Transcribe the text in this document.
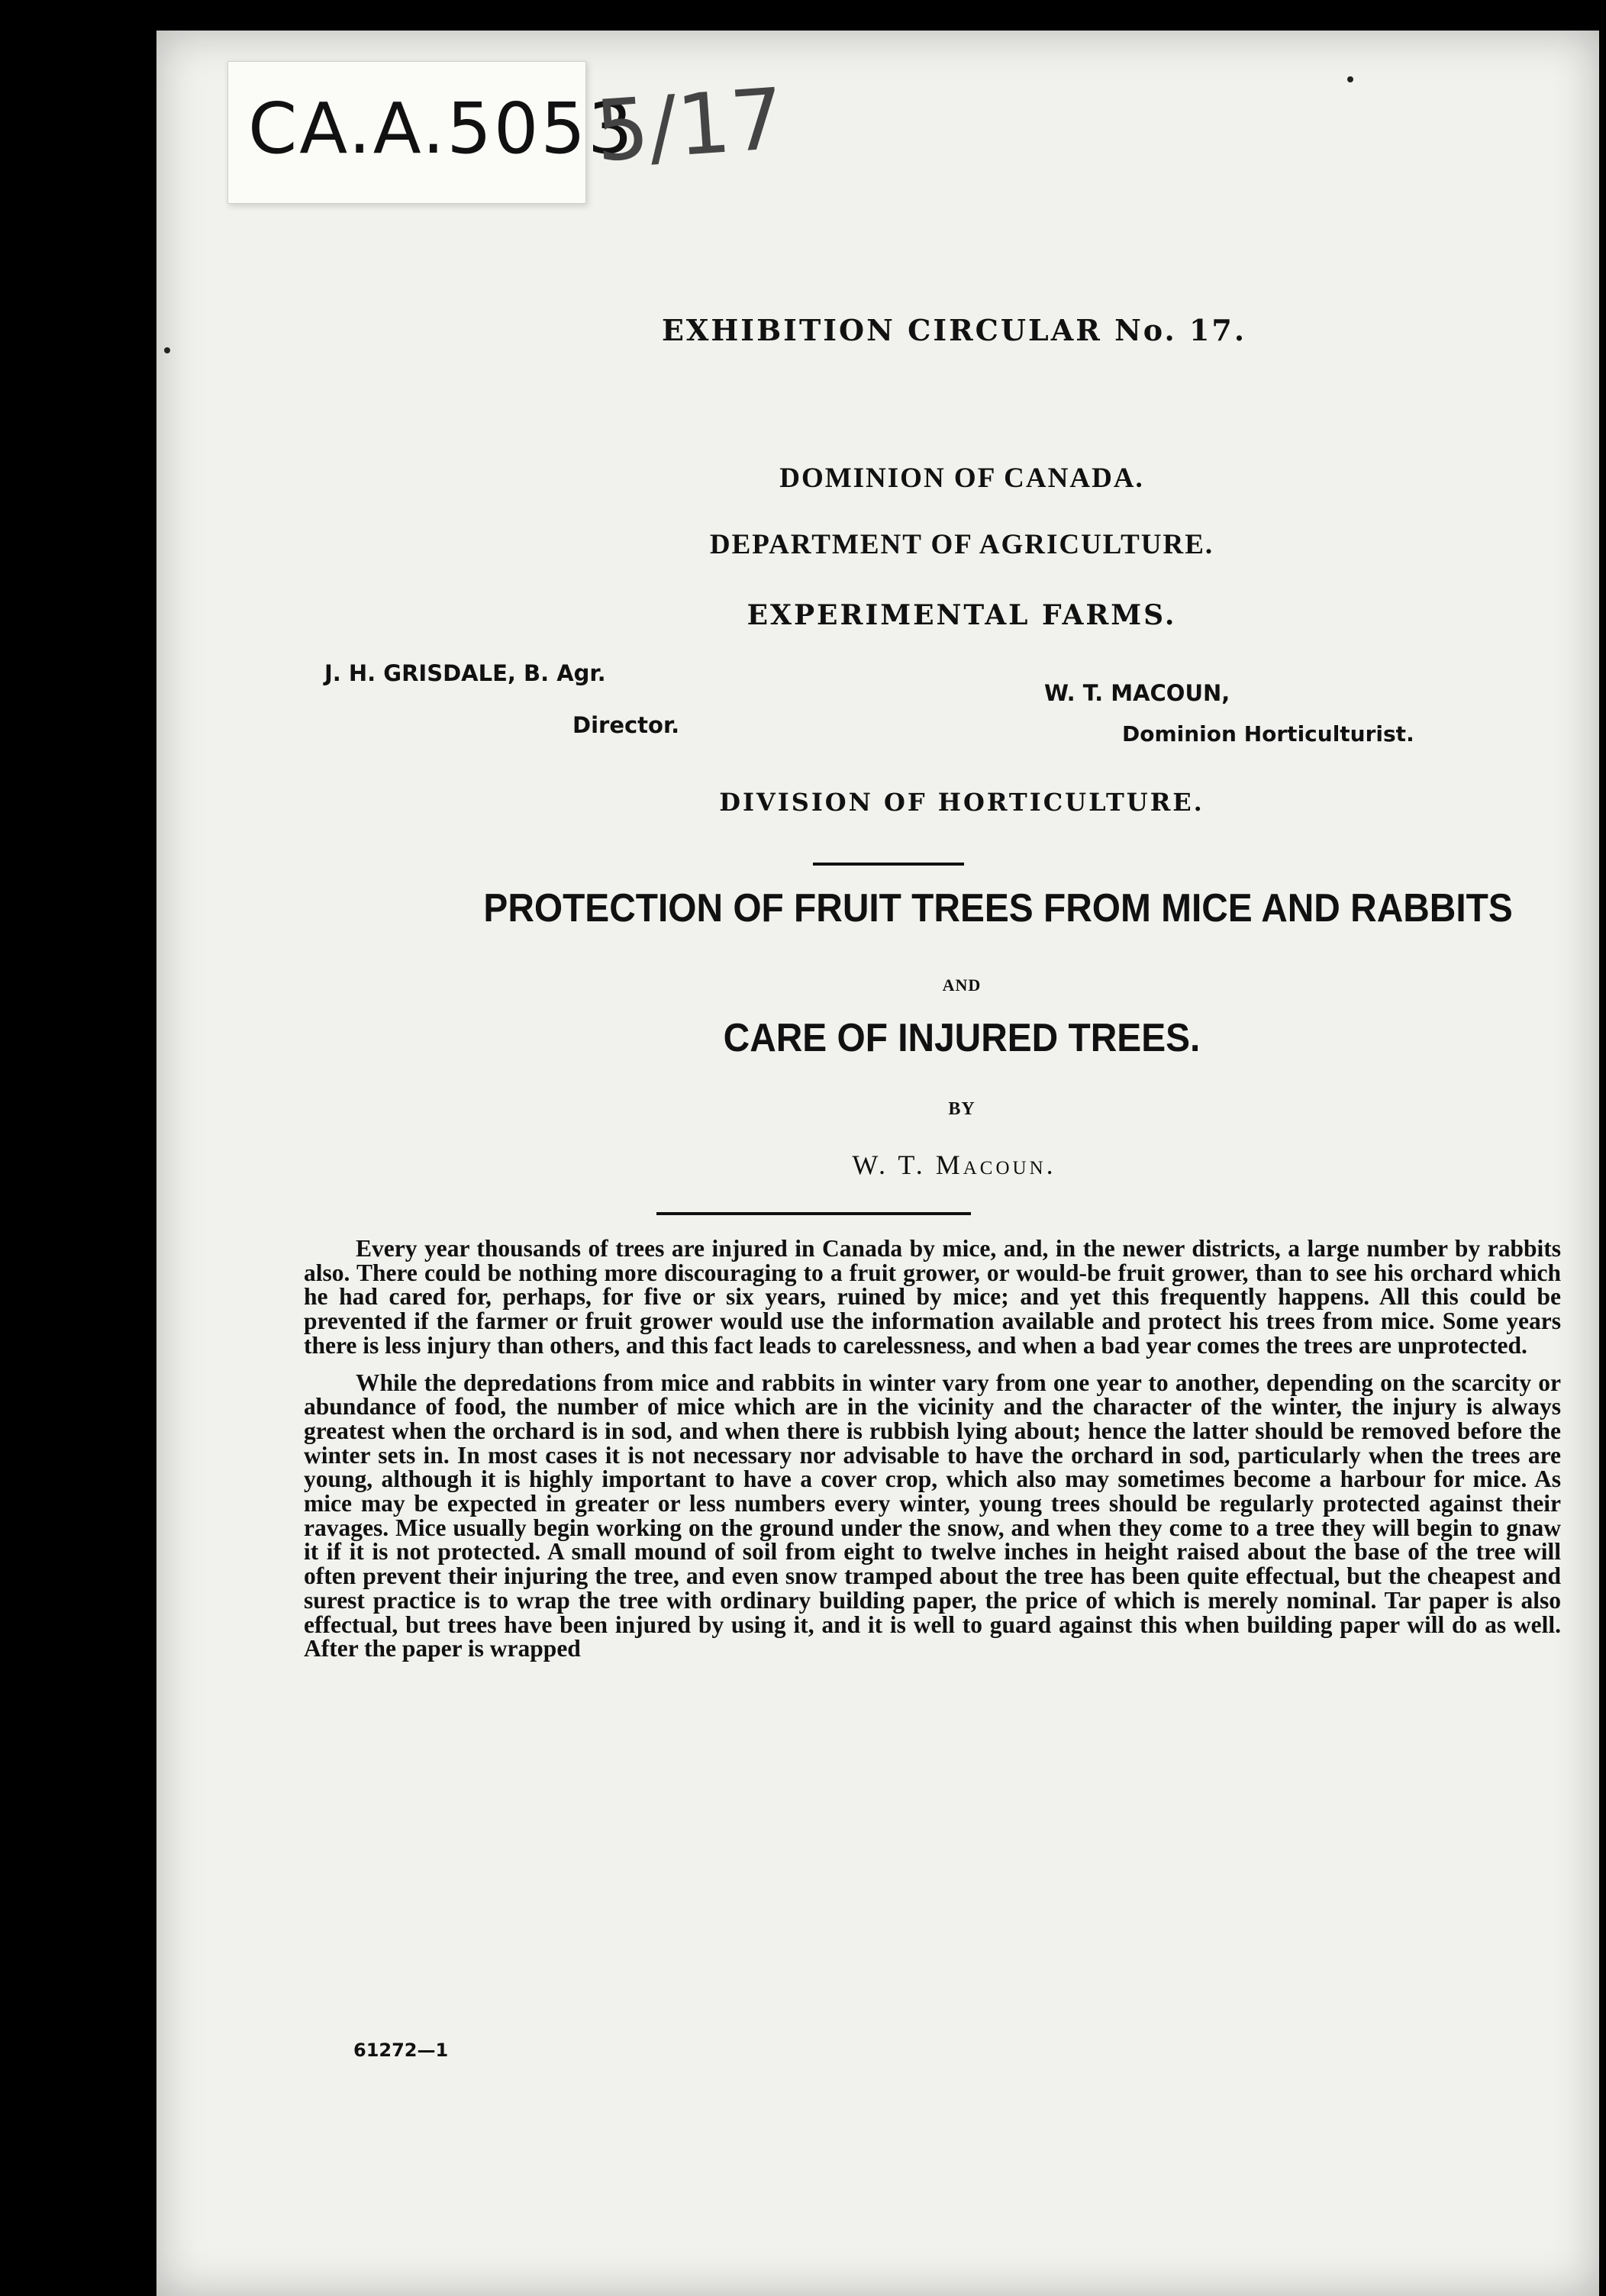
CA.A.5053
5/17
EXHIBITION CIRCULAR No. 17.
DOMINION OF CANADA.
DEPARTMENT OF AGRICULTURE.
EXPERIMENTAL FARMS.
J. H. GRISDALE, B. Agr.
Director.
W. T. MACOUN,
Dominion Horticulturist.
DIVISION OF HORTICULTURE.
PROTECTION OF FRUIT TREES FROM MICE AND RABBITS
AND
CARE OF INJURED TREES.
BY
W. T. Macoun.

Every year thousands of trees are injured in Canada by mice, and, in the newer districts, a large number by rabbits also. There could be nothing more discouraging to a fruit grower, or would-be fruit grower, than to see his orchard which he had cared for, perhaps, for five or six years, ruined by mice; and yet this frequently happens. All this could be prevented if the farmer or fruit grower would use the information available and protect his trees from mice. Some years there is less injury than others, and this fact leads to carelessness, and when a bad year comes the trees are unprotected.

While the depredations from mice and rabbits in winter vary from one year to another, depending on the scarcity or abundance of food, the number of mice which are in the vicinity and the character of the winter, the injury is always greatest when the orchard is in sod, and when there is rubbish lying about; hence the latter should be removed before the winter sets in. In most cases it is not necessary nor advisable to have the orchard in sod, particularly when the trees are young, although it is highly important to have a cover crop, which also may sometimes become a harbour for mice. As mice may be expected in greater or less numbers every winter, young trees should be regularly protected against their ravages. Mice usually begin working on the ground under the snow, and when they come to a tree they will begin to gnaw it if it is not protected. A small mound of soil from eight to twelve inches in height raised about the base of the tree will often prevent their injuring the tree, and even snow tramped about the tree has been quite effectual, but the cheapest and surest practice is to wrap the tree with ordinary building paper, the price of which is merely nominal. Tar paper is also effectual, but trees have been injured by using it, and it is well to guard against this when building paper will do as well. After the paper is wrapped

61272—1
